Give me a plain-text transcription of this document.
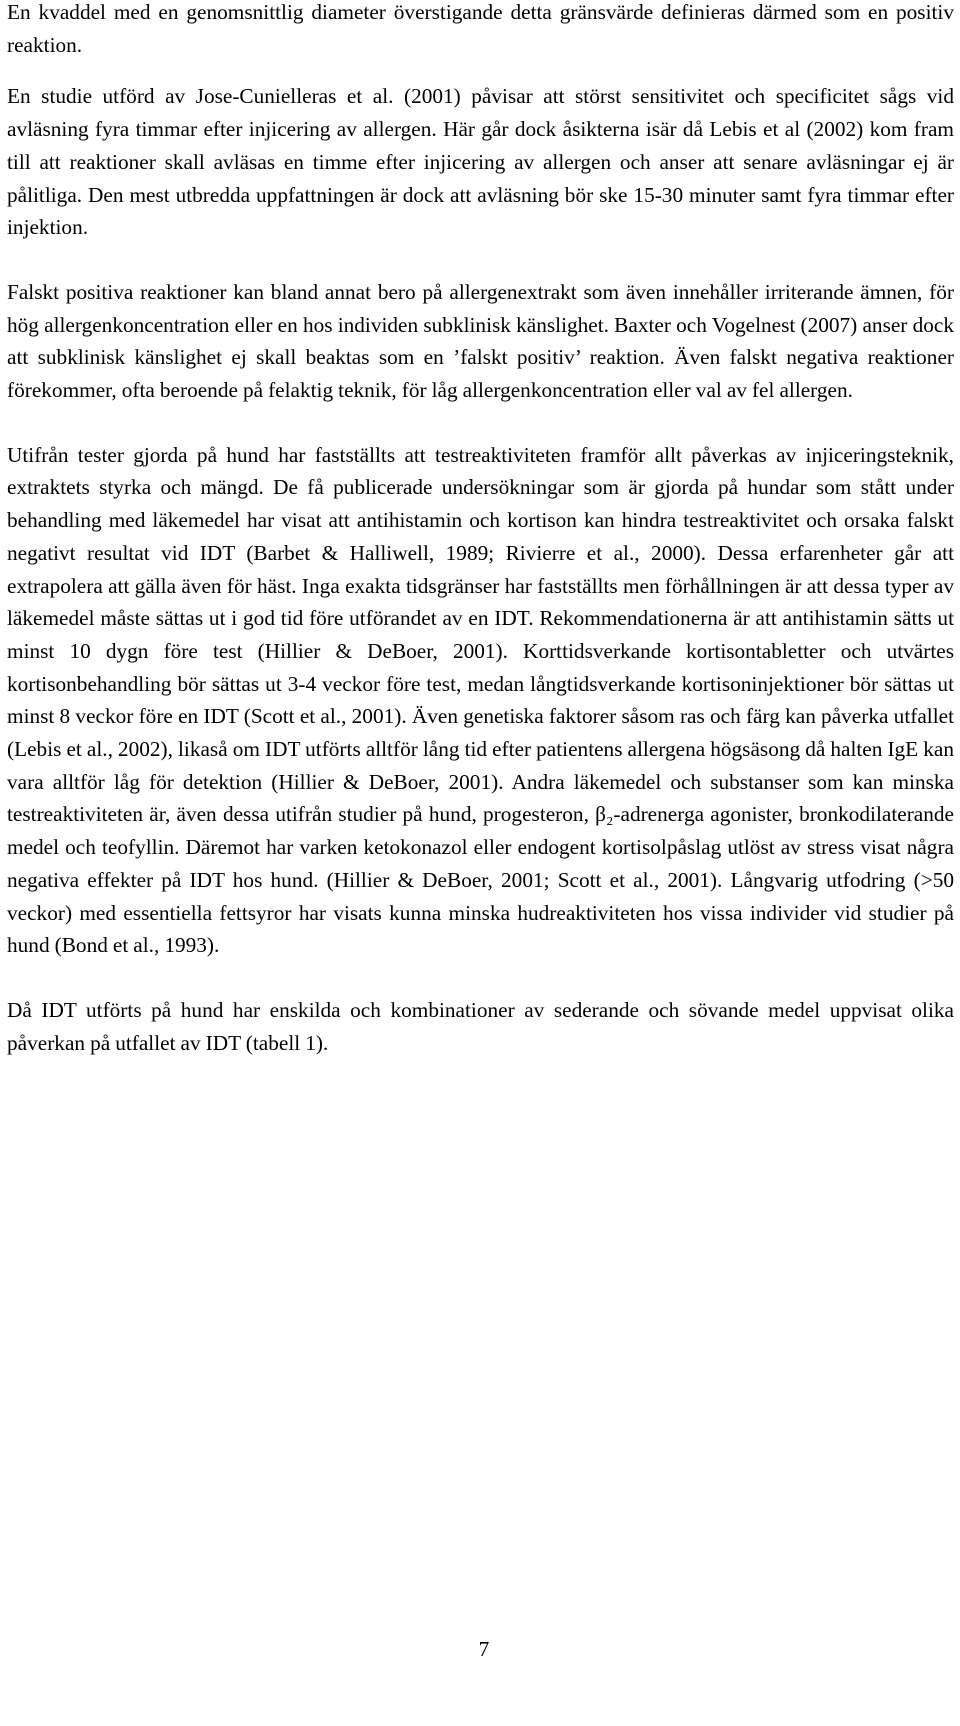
En kvaddel med en genomsnittlig diameter överstigande detta gränsvärde definieras därmed som en positiv reaktion.

En studie utförd av Jose-Cunielleras et al. (2001) påvisar att störst sensitivitet och specificitet sågs vid avläsning fyra timmar efter injicering av allergen. Här går dock åsikterna isär då Lebis et al (2002) kom fram till att reaktioner skall avläsas en timme efter injicering av allergen och anser att senare avläsningar ej är pålitliga. Den mest utbredda uppfattningen är dock att avläsning bör ske 15-30 minuter samt fyra timmar efter injektion.

Falskt positiva reaktioner kan bland annat bero på allergenextrakt som även innehåller irriterande ämnen, för hög allergenkoncentration eller en hos individen subklinisk känslighet. Baxter och Vogelnest (2007) anser dock att subklinisk känslighet ej skall beaktas som en ’falskt positiv’ reaktion. Även falskt negativa reaktioner förekommer, ofta beroende på felaktig teknik, för låg allergenkoncentration eller val av fel allergen.

Utifrån tester gjorda på hund har fastställts att testreaktiviteten framför allt påverkas av injiceringsteknik, extraktets styrka och mängd. De få publicerade undersökningar som är gjorda på hundar som stått under behandling med läkemedel har visat att antihistamin och kortison kan hindra testreaktivitet och orsaka falskt negativt resultat vid IDT (Barbet & Halliwell, 1989; Rivierre et al., 2000). Dessa erfarenheter går att extrapolera att gälla även för häst. Inga exakta tidsgränser har fastställts men förhållningen är att dessa typer av läkemedel måste sättas ut i god tid före utförandet av en IDT. Rekommendationerna är att antihistamin sätts ut minst 10 dygn före test (Hillier & DeBoer, 2001). Korttidsverkande kortisontabletter och utvärtes kortisonbehandling bör sättas ut 3-4 veckor före test, medan långtidsverkande kortisoninjektioner bör sättas ut minst 8 veckor före en IDT (Scott et al., 2001). Även genetiska faktorer såsom ras och färg kan påverka utfallet (Lebis et al., 2002), likaså om IDT utförts alltför lång tid efter patientens allergena högsäsong då halten IgE kan vara alltför låg för detektion (Hillier & DeBoer, 2001). Andra läkemedel och substanser som kan minska testreaktiviteten är, även dessa utifrån studier på hund, progesteron, β₂-adrenerga agonister, bronkodilaterande medel och teofyllin. Däremot har varken ketokonazol eller endogent kortisolpåslag utlöst av stress visat några negativa effekter på IDT hos hund. (Hillier & DeBoer, 2001; Scott et al., 2001). Långvarig utfodring (>50 veckor) med essentiella fettsyror har visats kunna minska hudreaktiviteten hos vissa individer vid studier på hund (Bond et al., 1993).

Då IDT utförts på hund har enskilda och kombinationer av sederande och sövande medel uppvisat olika påverkan på utfallet av IDT (tabell 1).

7
